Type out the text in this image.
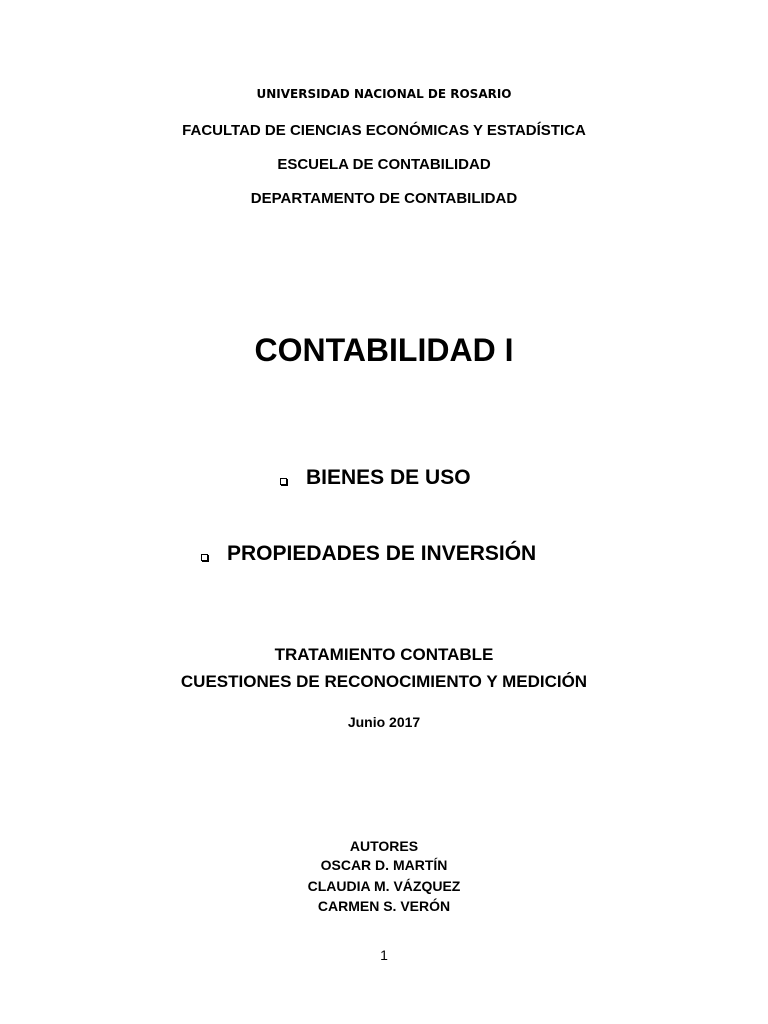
UNIVERSIDAD NACIONAL DE ROSARIO
FACULTAD DE CIENCIAS ECONÓMICAS Y ESTADÍSTICA
ESCUELA DE CONTABILIDAD
DEPARTAMENTO DE CONTABILIDAD
CONTABILIDAD I
BIENES DE USO
PROPIEDADES DE INVERSIÓN
TRATAMIENTO CONTABLE
CUESTIONES DE RECONOCIMIENTO Y MEDICIÓN
Junio 2017
AUTORES
OSCAR D. MARTÍN
CLAUDIA M. VÁZQUEZ
CARMEN S. VERÓN
1
